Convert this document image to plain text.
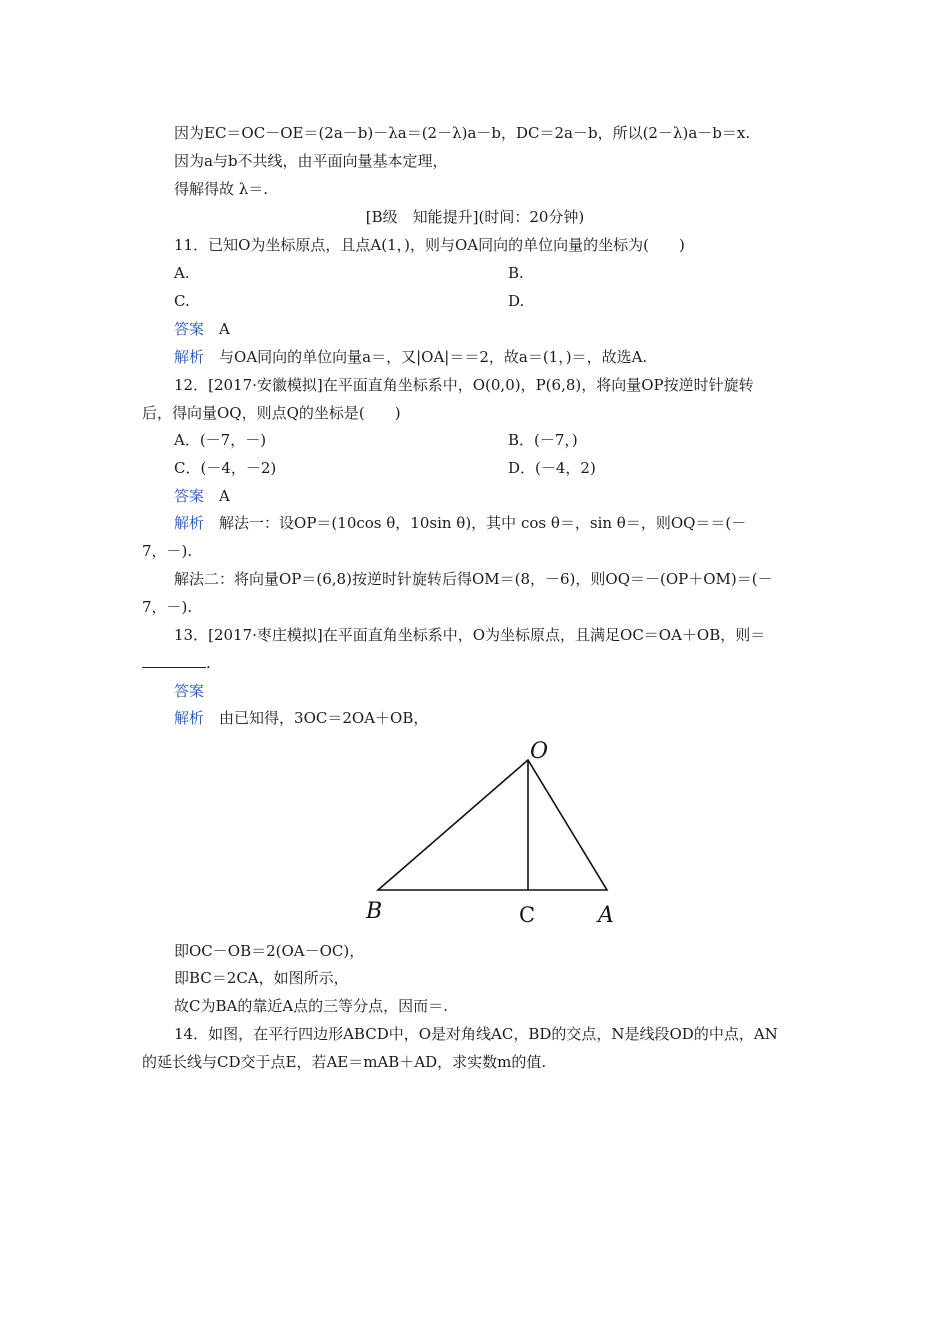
因为EC＝OC－OE＝(2a－b)－λa＝(2－λ)a－b，DC＝2a－b，所以(2－λ)a－b＝x.
因为a与b不共线，由平面向量基本定理，
得解得故 λ＝.
[B级　知能提升](时间：20分钟)
11．已知O为坐标原点，且点A(1，)，则与OA同向的单位向量的坐标为(　　)
A.	B.
C.	D.
答案　 A
解析　 与OA同向的单位向量a＝，又|OA|＝＝2，故a＝(1，)＝，故选A.
12．[2017·安徽模拟]在平面直角坐标系中，O(0,0)，P(6,8)，将向量OP按逆时针旋转
后，得向量OQ，则点Q的坐标是(　　)
A．(－7，－)	B．(－7，)
C．(－4，－2)	D．(－4，2)
答案　 A
解析　 解法一：设OP＝(10cos θ，10sin θ)，其中 cos θ＝，sin θ＝，则OQ＝＝(－
7，－).
解法二：将向量OP＝(6,8)按逆时针旋转后得OM＝(8，－6)，则OQ＝－(OP＋OM)＝(－
7，－).
13．[2017·枣庄模拟]在平面直角坐标系中，O为坐标原点，且满足OC＝OA＋OB，则＝
.
答案
解析　 由已知得，3OC＝2OA＋OB，
O
B	C	A
即OC－OB＝2(OA－OC)，
即BC＝2CA，如图所示，
故C为BA的靠近A点的三等分点，因而＝.
14．如图，在平行四边形ABCD中，O是对角线AC，BD的交点，N是线段OD的中点，AN
的延长线与CD交于点E，若AE＝mAB＋AD，求实数m的值.
